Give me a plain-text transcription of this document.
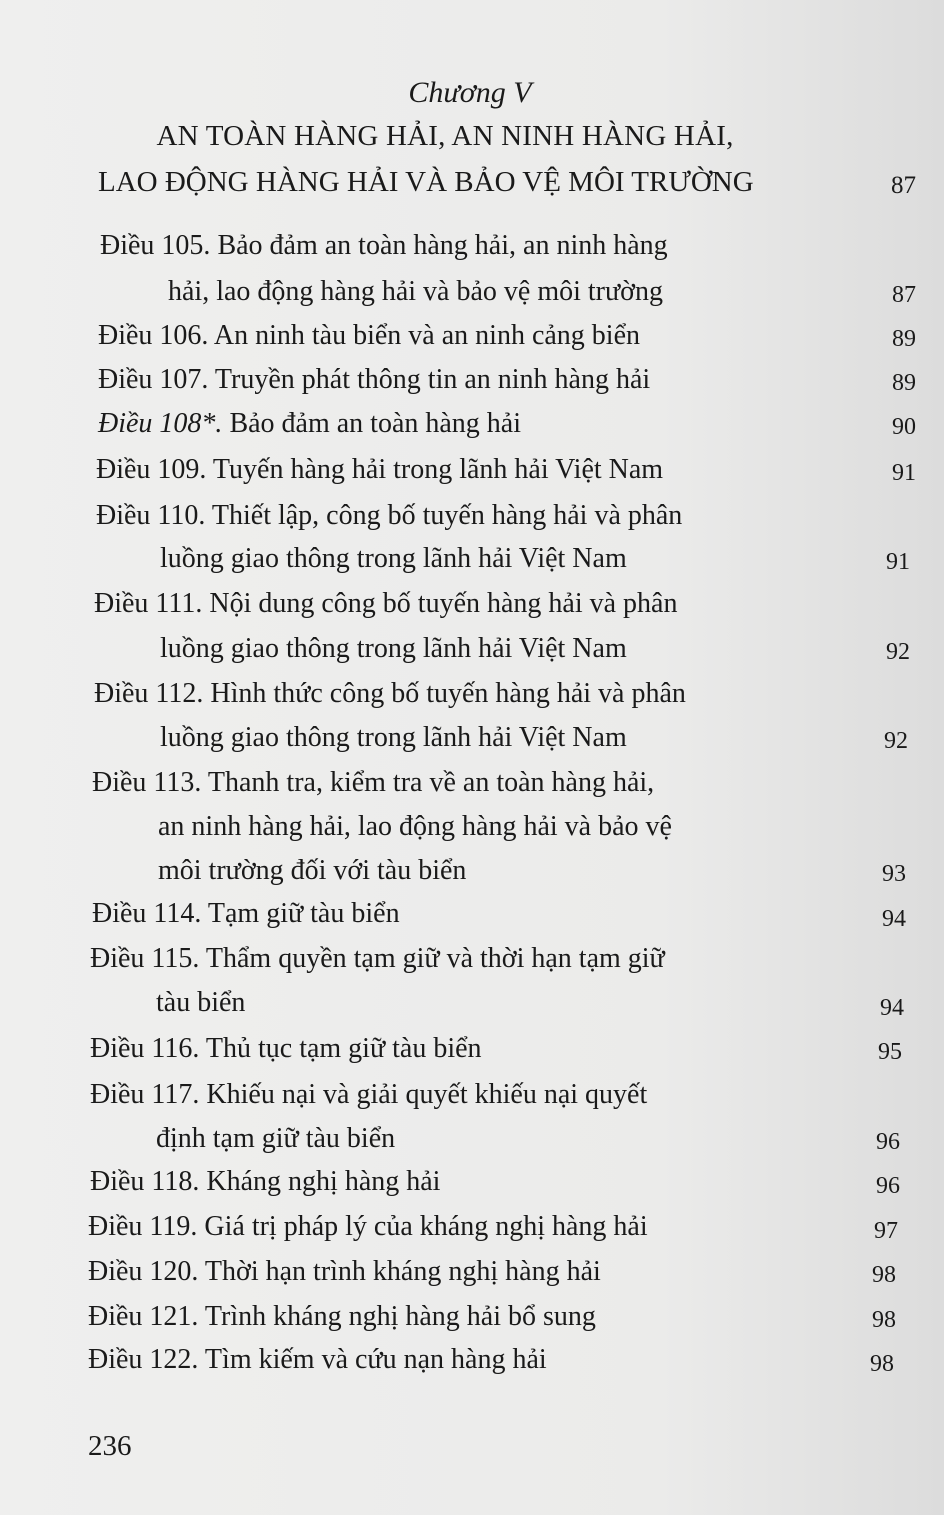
Chương V
AN TOÀN HÀNG HẢI, AN NINH HÀNG HẢI,
LAO ĐỘNG HÀNG HẢI VÀ BẢO VỆ MÔI TRƯỜNG	87
Điều 105. Bảo đảm an toàn hàng hải, an ninh hàng
hải, lao động hàng hải và bảo vệ môi trường	87
Điều 106. An ninh tàu biển và an ninh cảng biển	89
Điều 107. Truyền phát thông tin an ninh hàng hải	89
Điều 108*. Bảo đảm an toàn hàng hải	90
Điều 109. Tuyến hàng hải trong lãnh hải Việt Nam	91
Điều 110. Thiết lập, công bố tuyến hàng hải và phân
luồng giao thông trong lãnh hải Việt Nam	91
Điều 111. Nội dung công bố tuyến hàng hải và phân
luồng giao thông trong lãnh hải Việt Nam	92
Điều 112. Hình thức công bố tuyến hàng hải và phân
luồng giao thông trong lãnh hải Việt Nam	92
Điều 113. Thanh tra, kiểm tra về an toàn hàng hải,
an ninh hàng hải, lao động hàng hải và bảo vệ
môi trường đối với tàu biển	93
Điều 114. Tạm giữ tàu biển	94
Điều 115. Thẩm quyền tạm giữ và thời hạn tạm giữ
tàu biển	94
Điều 116. Thủ tục tạm giữ tàu biển	95
Điều 117. Khiếu nại và giải quyết khiếu nại quyết
định tạm giữ tàu biển	96
Điều 118. Kháng nghị hàng hải	96
Điều 119. Giá trị pháp lý của kháng nghị hàng hải	97
Điều 120. Thời hạn trình kháng nghị hàng hải	98
Điều 121. Trình kháng nghị hàng hải bổ sung	98
Điều 122. Tìm kiếm và cứu nạn hàng hải	98
236
